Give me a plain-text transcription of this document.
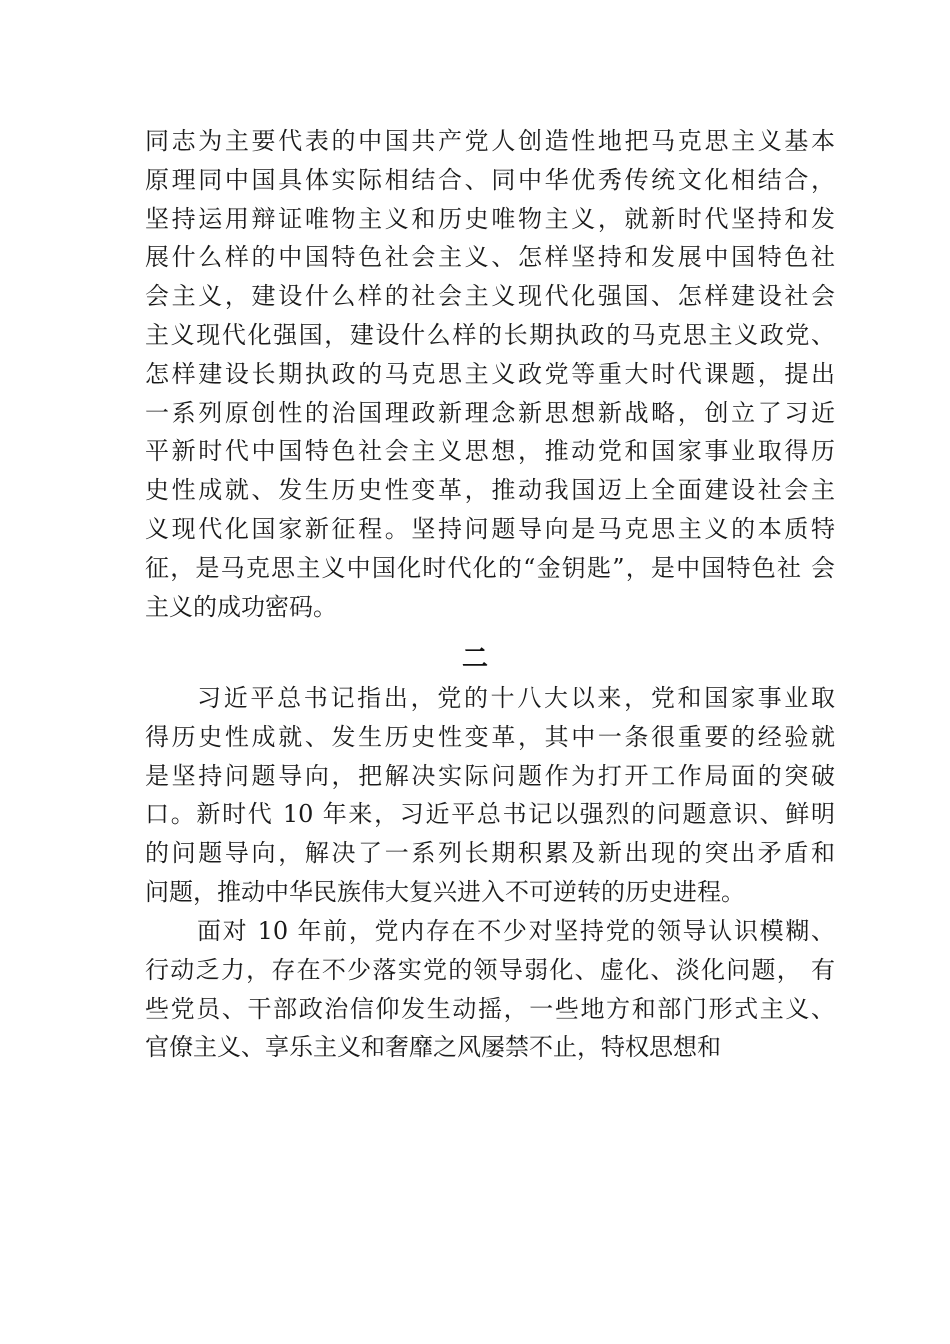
同志为主要代表的中国共产党人创造性地把马克思主义基本
原理同中国具体实际相结合、同中华优秀传统文化相结合，
坚持运用辩证唯物主义和历史唯物主义，就新时代坚持和发
展什么样的中国特色社会主义、怎样坚持和发展中国特色社
会主义，建设什么样的社会主义现代化强国、怎样建设社会
主义现代化强国，建设什么样的长期执政的马克思主义政党、
怎样建设长期执政的马克思主义政党等重大时代课题，提出
一系列原创性的治国理政新理念新思想新战略，创立了习近
平新时代中国特色社会主义思想，推动党和国家事业取得历
史性成就、发生历史性变革，推动我国迈上全面建设社会主
义现代化国家新征程。坚持问题导向是马克思主义的本质特
征，是马克思主义中国化时代化的“金钥匙”，是中国特色社 会
主义的成功密码。
二
习近平总书记指出，党的十八大以来，党和国家事业取
得历史性成就、发生历史性变革，其中一条很重要的经验就
是坚持问题导向，把解决实际问题作为打开工作局面的突破
口。新时代 10 年来，习近平总书记以强烈的问题意识、鲜明
的问题导向，解决了一系列长期积累及新出现的突出矛盾和
问题，推动中华民族伟大复兴进入不可逆转的历史进程。
面对 10 年前，党内存在不少对坚持党的领导认识模糊、
行动乏力，存在不少落实党的领导弱化、虚化、淡化问题， 有
些党员、干部政治信仰发生动摇，一些地方和部门形式主义、
官僚主义、享乐主义和奢靡之风屡禁不止，特权思想和
